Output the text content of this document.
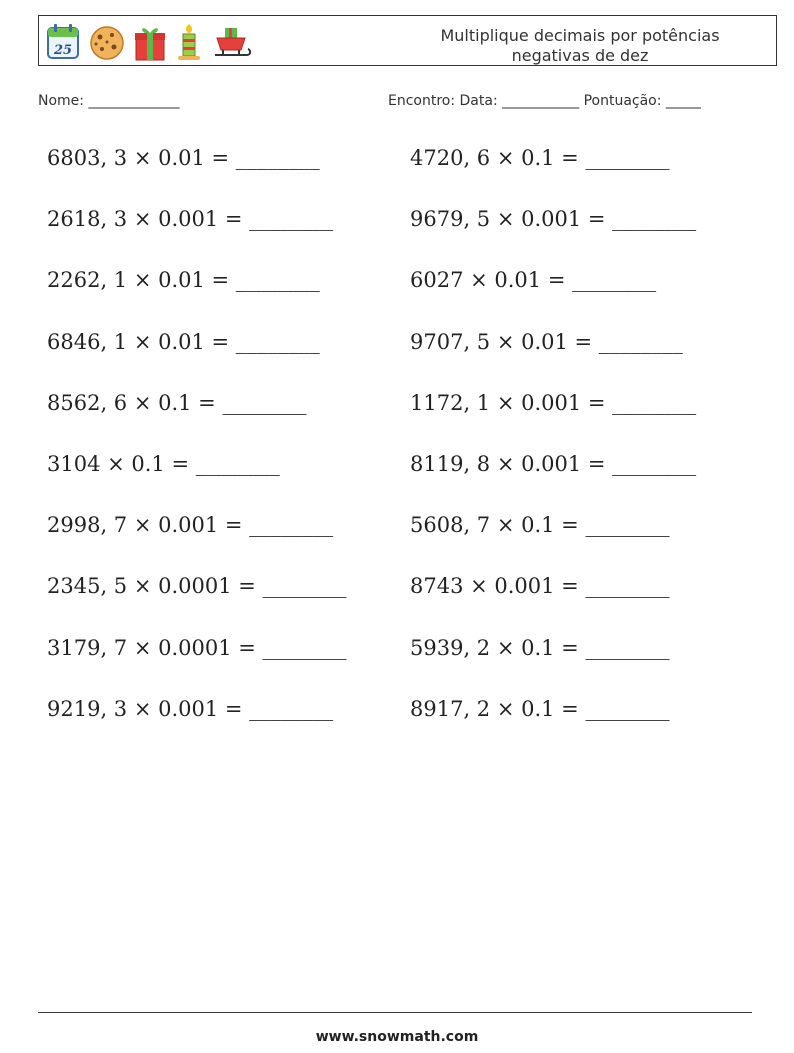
25
Multiplique decimais por potências
negativas de dez
Nome: _____________	Encontro: Data: ___________ Pontuação: _____
6803, 3 × 0.01 = ________	4720, 6 × 0.1 = ________
2618, 3 × 0.001 = ________	9679, 5 × 0.001 = ________
2262, 1 × 0.01 = ________	6027 × 0.01 = ________
6846, 1 × 0.01 = ________	9707, 5 × 0.01 = ________
8562, 6 × 0.1 = ________	1172, 1 × 0.001 = ________
3104 × 0.1 = ________	8119, 8 × 0.001 = ________
2998, 7 × 0.001 = ________	5608, 7 × 0.1 = ________
2345, 5 × 0.0001 = ________	8743 × 0.001 = ________
3179, 7 × 0.0001 = ________	5939, 2 × 0.1 = ________
9219, 3 × 0.001 = ________	8917, 2 × 0.1 = ________
www.snowmath.com
